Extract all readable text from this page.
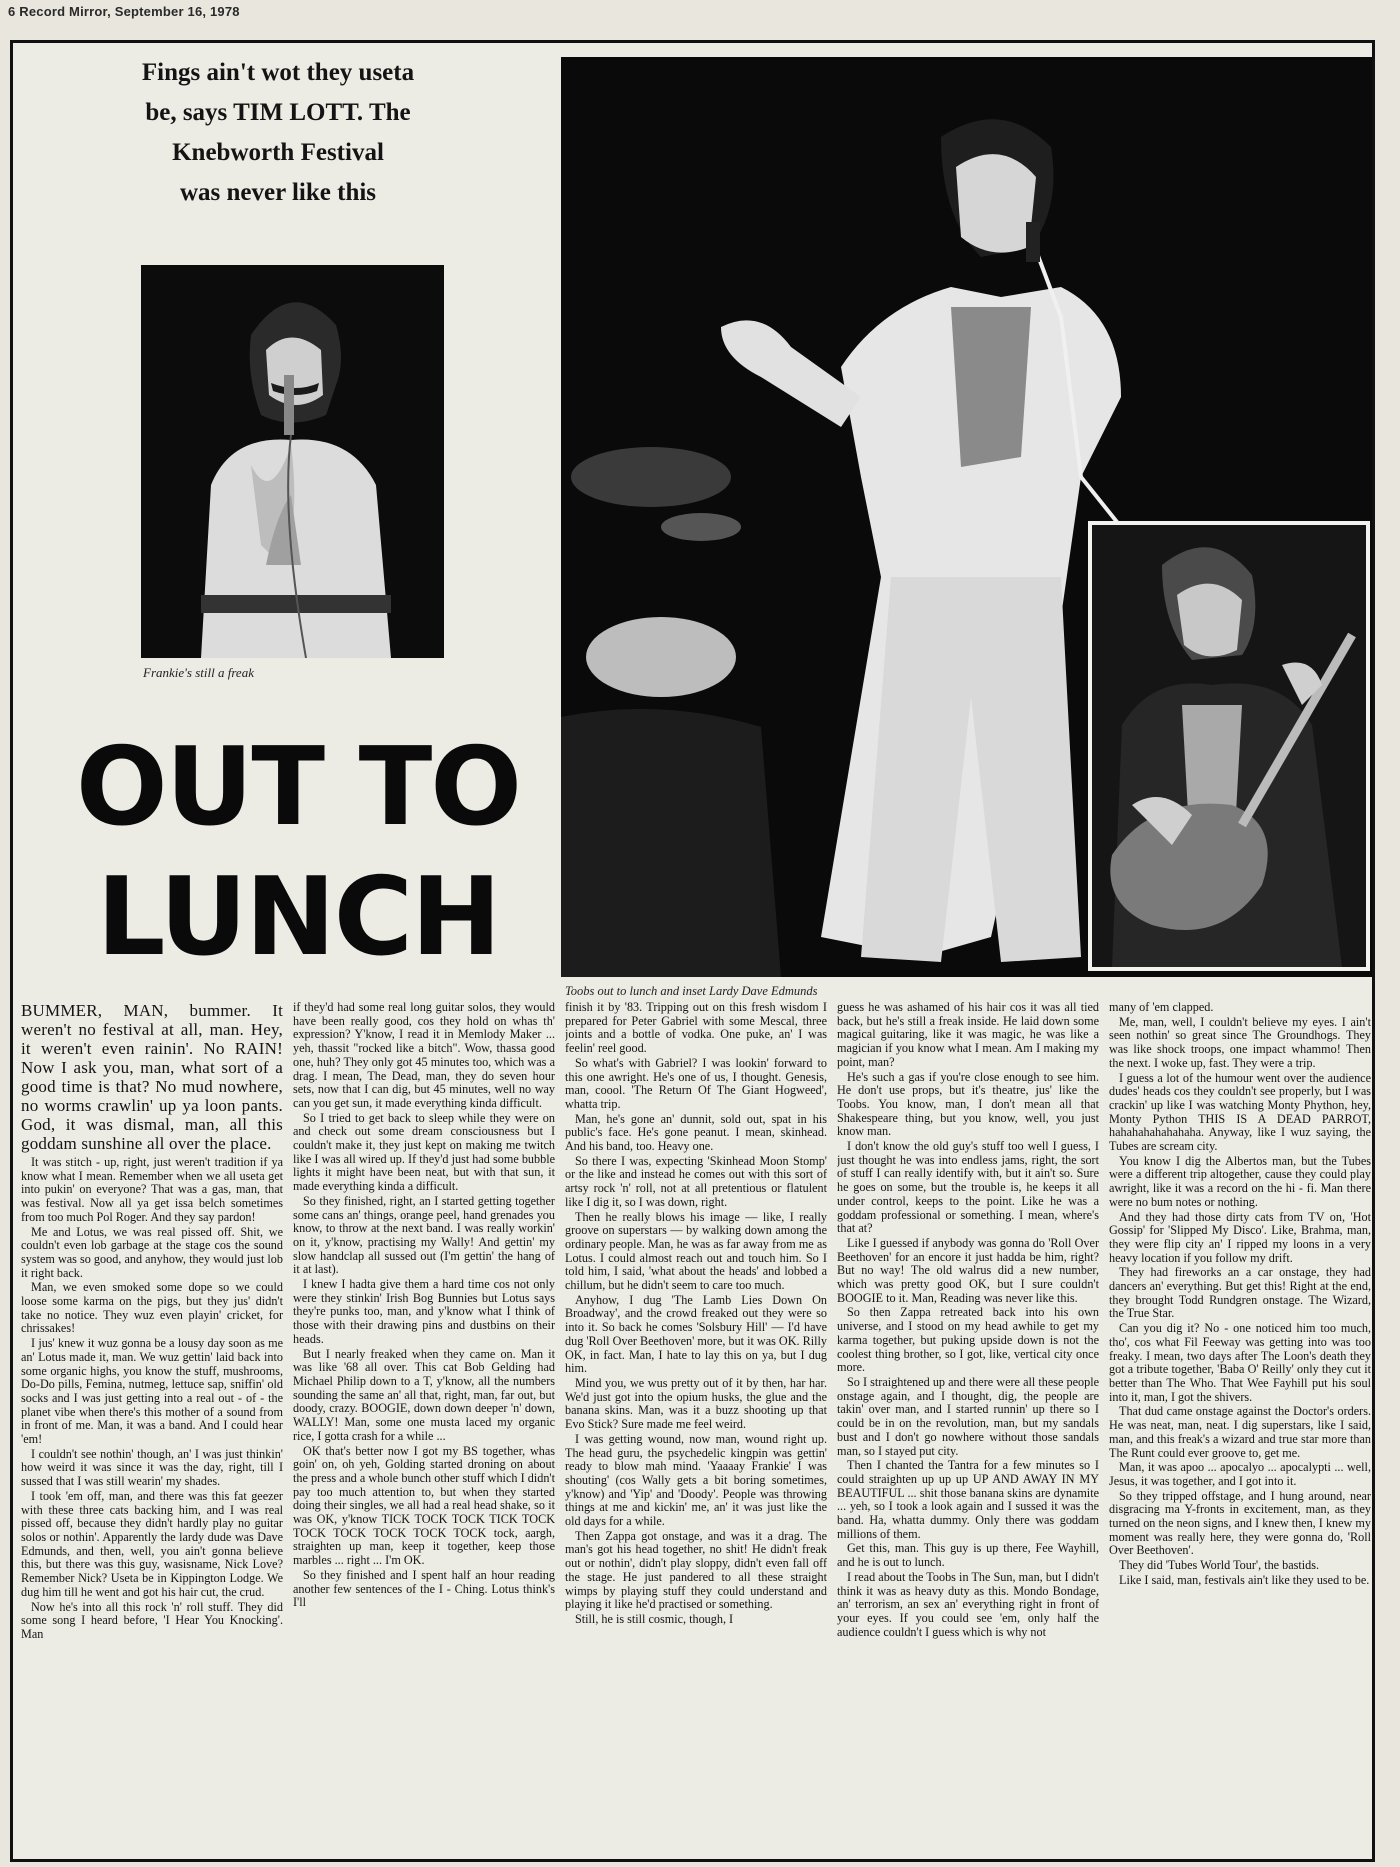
6 Record Mirror, September 16, 1978
Fings ain't wot they useta
be, says TIM LOTT. The
Knebworth Festival
was never like this
Frankie's still a freak
OUT TO
LUNCH
Toobs out to lunch and inset Lardy Dave Edmunds

BUMMER, MAN, bummer. It weren't no festival at all, man. Hey, it weren't even rainin'. No RAIN! Now I ask you, man, what sort of a good time is that? No mud nowhere, no worms crawlin' up ya loon pants. God, it was dismal, man, all this goddam sunshine all over the place.

It was stitch - up, right, just weren't tradition if ya know what I mean. Remember when we all useta get into pukin' on everyone? That was a gas, man, that was festival. Now all ya get issa belch sometimes from too much Pol Roger. And they say pardon!

Me and Lotus, we was real pissed off. Shit, we couldn't even lob garbage at the stage cos the sound system was so good, and anyhow, they would just lob it right back.

Man, we even smoked some dope so we could loose some karma on the pigs, but they jus' didn't take no notice. They wuz even playin' cricket, for chrissakes!

I jus' knew it wuz gonna be a lousy day soon as me an' Lotus made it, man. We wuz gettin' laid back into some organic highs, you know the stuff, mushrooms, Do-Do pills, Femina, nutmeg, lettuce sap, sniffin' old socks and I was just getting into a real out - of - the planet vibe when there's this mother of a sound from in front of me. Man, it was a band. And I could hear 'em!

I couldn't see nothin' though, an' I was just thinkin' how weird it was since it was the day, right, till I sussed that I was still wearin' my shades.

I took 'em off, man, and there was this fat geezer with these three cats backing him, and I was real pissed off, because they didn't hardly play no guitar solos or nothin'. Apparently the lardy dude was Dave Edmunds, and then, well, you ain't gonna believe this, but there was this guy, wasisname, Nick Love? Remember Nick? Useta be in Kippington Lodge. We dug him till he went and got his hair cut, the crud.

Now he's into all this rock 'n' roll stuff. They did some song I heard before, 'I Hear You Knocking'. Man

if they'd had some real long guitar solos, they would have been really good, cos they hold on whas th' expression? Y'know, I read it in Memlody Maker ... yeh, thassit "rocked like a bitch". Wow, thassa good one, huh? They only got 45 minutes too, which was a drag. I mean, The Dead, man, they do seven hour sets, now that I can dig, but 45 minutes, well no way can you get sun, it made everything kinda difficult.

So I tried to get back to sleep while they were on and check out some dream consciousness but I couldn't make it, they just kept on making me twitch like I was all wired up. If they'd just had some bubble lights it might have been neat, but with that sun, it made everything kinda a difficult.

So they finished, right, an I started getting together some cans an' things, orange peel, hand grenades you know, to throw at the next band. I was really workin' on it, y'know, practising my Wally! And gettin' my slow handclap all sussed out (I'm gettin' the hang of it at last).

I knew I hadta give them a hard time cos not only were they stinkin' Irish Bog Bunnies but Lotus says they're punks too, man, and y'know what I think of those with their drawing pins and dustbins on their heads.

But I nearly freaked when they came on. Man it was like '68 all over. This cat Bob Gelding had Michael Philip down to a T, y'know, all the numbers sounding the same an' all that, right, man, far out, but doody, crazy. BOOGIE, down down deeper 'n' down, WALLY! Man, some one musta laced my organic rice, I gotta crash for a while ...

OK that's better now I got my BS together, whas goin' on, oh yeh, Golding started droning on about the press and a whole bunch other stuff which I didn't pay too much attention to, but when they started doing their singles, we all had a real head shake, so it was OK, y'know TICK TOCK TOCK TICK TOCK TOCK TOCK TOCK TOCK TOCK tock, aargh, straighten up man, keep it together, keep those marbles ... right ... I'm OK.

So they finished and I spent half an hour reading another few sentences of the I - Ching. Lotus think's I'll

finish it by '83. Tripping out on this fresh wisdom I prepared for Peter Gabriel with some Mescal, three joints and a bottle of vodka. One puke, an' I was feelin' reel good.

So what's with Gabriel? I was lookin' forward to this one awright. He's one of us, I thought. Genesis, man, coool. 'The Return Of The Giant Hogweed', whatta trip.

Man, he's gone an' dunnit, sold out, spat in his public's face. He's gone peanut. I mean, skinhead. And his band, too. Heavy one.

So there I was, expecting 'Skinhead Moon Stomp' or the like and instead he comes out with this sort of artsy rock 'n' roll, not at all pretentious or flatulent like I dig it, so I was down, right.

Then he really blows his image — like, I really groove on superstars — by walking down among the ordinary people. Man, he was as far away from me as Lotus. I could almost reach out and touch him. So I told him, I said, 'what about the heads' and lobbed a chillum, but he didn't seem to care too much.

Anyhow, I dug 'The Lamb Lies Down On Broadway', and the crowd freaked out they were so into it. So back he comes 'Solsbury Hill' — I'd have dug 'Roll Over Beethoven' more, but it was OK. Rilly OK, in fact. Man, I hate to lay this on ya, but I dug him.

Mind you, we wus pretty out of it by then, har har. We'd just got into the opium husks, the glue and the banana skins. Man, was it a buzz shooting up that Evo Stick? Sure made me feel weird.

I was getting wound, now man, wound right up. The head guru, the psychedelic kingpin was gettin' ready to blow mah mind. 'Yaaaay Frankie' I was shouting' (cos Wally gets a bit boring sometimes, y'know) and 'Yip' and 'Doody'. People was throwing things at me and kickin' me, an' it was just like the old days for a while.

Then Zappa got onstage, and was it a drag. The man's got his head together, no shit! He didn't freak out or nothin', didn't play sloppy, didn't even fall off the stage. He just pandered to all these straight wimps by playing stuff they could understand and playing it like he'd practised or something.

Still, he is still cosmic, though, I

guess he was ashamed of his hair cos it was all tied back, but he's still a freak inside. He laid down some magical guitaring, like it was magic, he was like a magician if you know what I mean. Am I making my point, man?

He's such a gas if you're close enough to see him. He don't use props, but it's theatre, jus' like the Toobs. You know, man, I don't mean all that Shakespeare thing, but you know, well, you just know man.

I don't know the old guy's stuff too well I guess, I just thought he was into endless jams, right, the sort of stuff I can really identify with, but it ain't so. Sure he goes on some, but the trouble is, he keeps it all under control, keeps to the point. Like he was a goddam professional or something. I mean, where's that at?

Like I guessed if anybody was gonna do 'Roll Over Beethoven' for an encore it just hadda be him, right? But no way! The old walrus did a new number, which was pretty good OK, but I sure couldn't BOOGIE to it. Man, Reading was never like this.

So then Zappa retreated back into his own universe, and I stood on my head awhile to get my karma together, but puking upside down is not the coolest thing brother, so I got, like, vertical city once more.

So I straightened up and there were all these people onstage again, and I thought, dig, the people are takin' over man, and I started runnin' up there so I could be in on the revolution, man, but my sandals bust and I don't go nowhere without those sandals man, so I stayed put city.

Then I chanted the Tantra for a few minutes so I could straighten up up up UP AND AWAY IN MY BEAUTIFUL ... shit those banana skins are dynamite ... yeh, so I took a look again and I sussed it was the band. Ha, whatta dummy. Only there was goddam millions of them.

Get this, man. This guy is up there, Fee Wayhill, and he is out to lunch.

I read about the Toobs in The Sun, man, but I didn't think it was as heavy duty as this. Mondo Bondage, an' terrorism, an sex an' everything right in front of your eyes. If you could see 'em, only half the audience couldn't I guess which is why not

many of 'em clapped.

Me, man, well, I couldn't believe my eyes. I ain't seen nothin' so great since The Groundhogs. They was like shock troops, one impact whammo! Then the next. I woke up, fast. They were a trip.

I guess a lot of the humour went over the audience dudes' heads cos they couldn't see properly, but I was crackin' up like I was watching Monty Phython, hey, Monty Python THIS IS A DEAD PARROT, hahahahahahahaha. Anyway, like I wuz saying, the Tubes are scream city.

You know I dig the Albertos man, but the Tubes were a different trip altogether, cause they could play awright, like it was a record on the hi - fi. Man there were no bum notes or nothing.

And they had those dirty cats from TV on, 'Hot Gossip' for 'Slipped My Disco'. Like, Brahma, man, they were flip city an' I ripped my loons in a very heavy location if you follow my drift.

They had fireworks an a car onstage, they had dancers an' everything. But get this! Right at the end, they brought Todd Rundgren onstage. The Wizard, the True Star.

Can you dig it? No - one noticed him too much, tho', cos what Fil Feeway was getting into was too freaky. I mean, two days after The Loon's death they got a tribute together, 'Baba O' Reilly' only they cut it better than The Who. That Wee Fayhill put his soul into it, man, I got the shivers.

That dud came onstage against the Doctor's orders. He was neat, man, neat. I dig superstars, like I said, man, and this freak's a wizard and true star more than The Runt could ever groove to, get me.

Man, it was apoo ... apocalyo ... apocalypti ... well, Jesus, it was together, and I got into it.

So they tripped offstage, and I hung around, near disgracing ma Y-fronts in excitement, man, as they turned on the neon signs, and I knew then, I knew my moment was really here, they were gonna do, 'Roll Over Beethoven'.

They did 'Tubes World Tour', the bastids.

Like I said, man, festivals ain't like they used to be.
